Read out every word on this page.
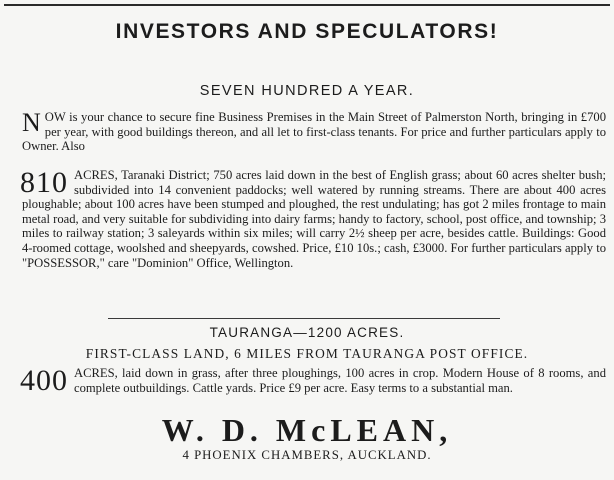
INVESTORS AND SPECULATORS!
SEVEN HUNDRED A YEAR.
NOW is your chance to secure fine Business Premises in the Main Street of Palmerston North, bringing in £700 per year, with good buildings thereon, and all let to first-class tenants. For price and further particulars apply to Owner. Also
810 ACRES, Taranaki District; 750 acres laid down in the best of English grass; about 60 acres shelter bush; subdivided into 14 convenient paddocks; well watered by running streams. There are about 400 acres ploughable; about 100 acres have been stumped and ploughed, the rest undulating; has got 2 miles frontage to main metal road, and very suitable for subdividing into dairy farms; handy to factory, school, post office, and township; 3 miles to railway station; 3 saleyards within six miles; will carry 2½ sheep per acre, besides cattle. Buildings: Good 4-roomed cottage, woolshed and sheepyards, cowshed. Price, £10 10s.; cash, £3000. For further particulars apply to "POSSESSOR," care "Dominion" Office, Wellington.
TAURANGA—1200 ACRES.
FIRST-CLASS LAND, 6 MILES FROM TAURANGA POST OFFICE.
400 ACRES, laid down in grass, after three ploughings, 100 acres in crop. Modern House of 8 rooms, and complete outbuildings. Cattle yards. Price £9 per acre. Easy terms to a substantial man.
W. D. McLEAN,
4 PHOENIX CHAMBERS, AUCKLAND.
